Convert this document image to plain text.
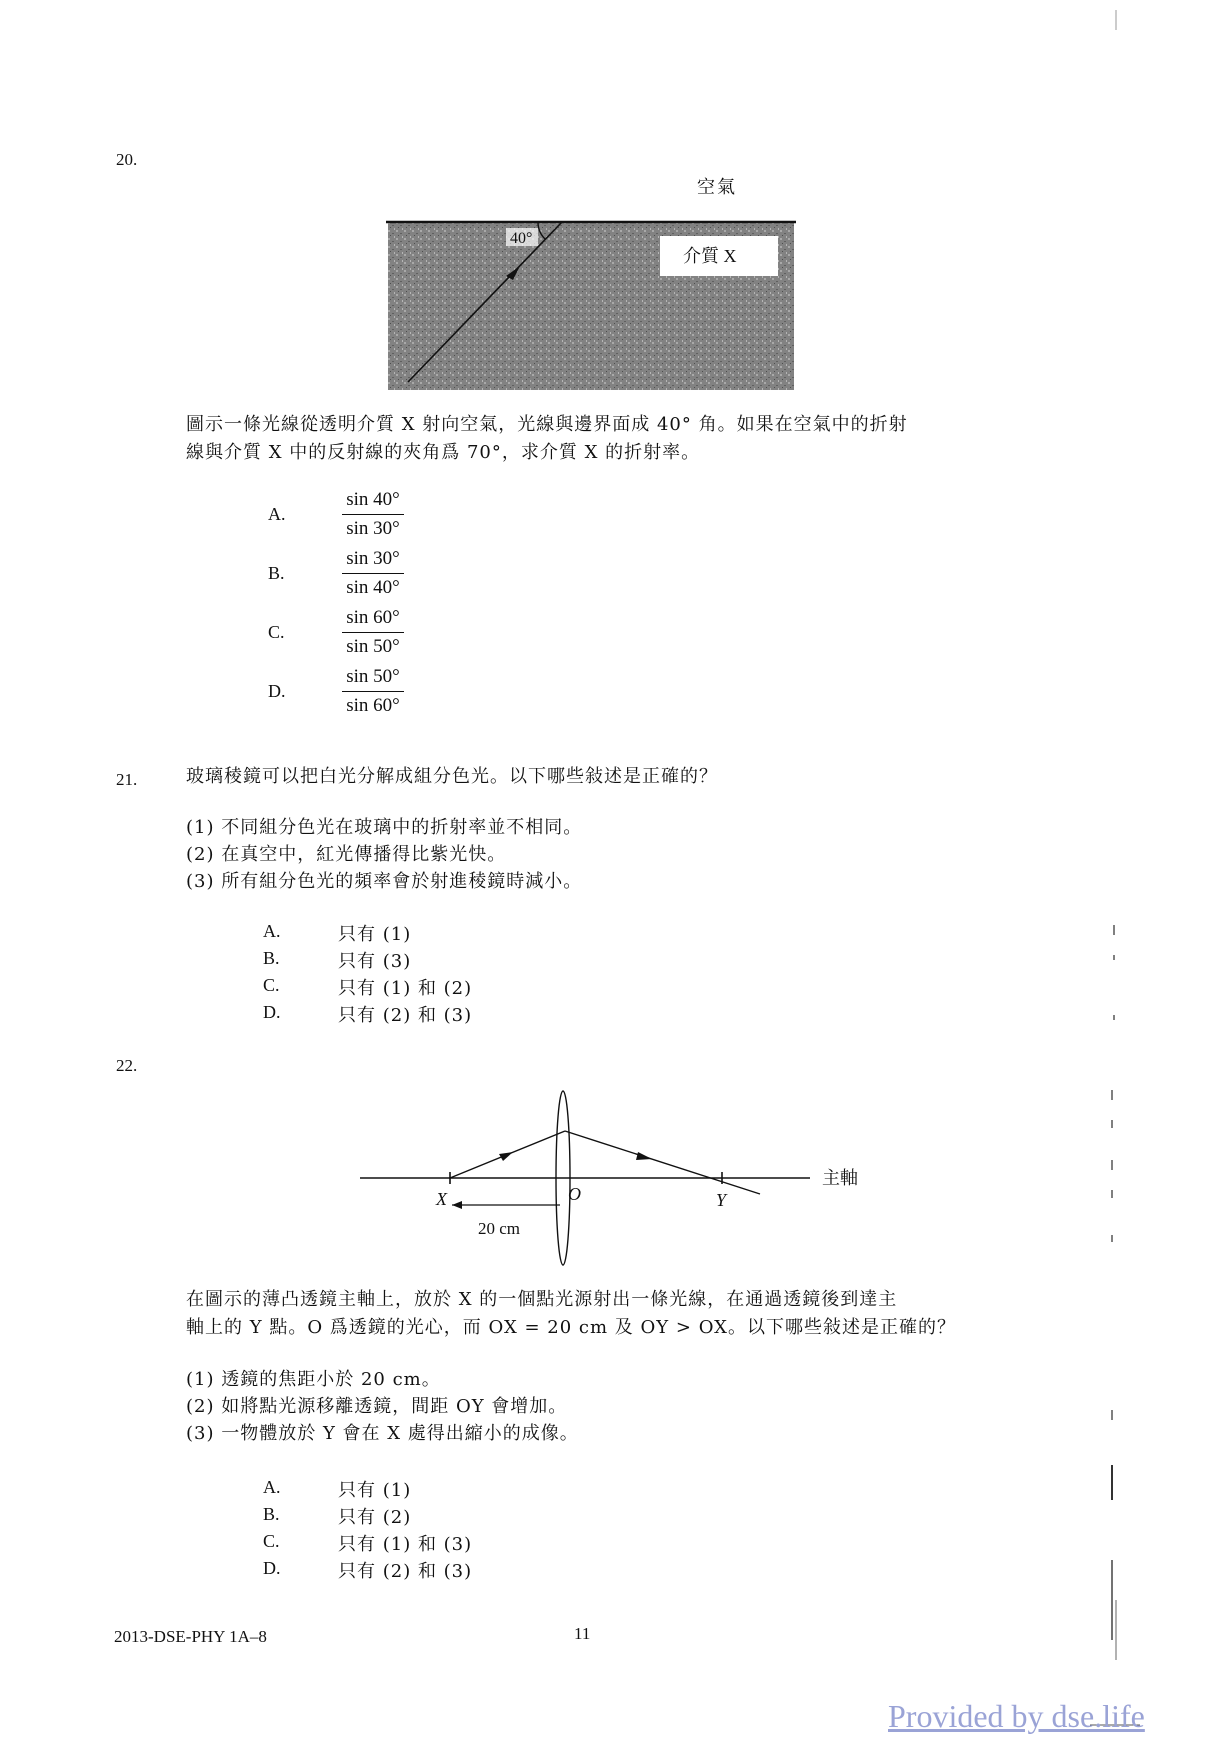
20.
空氣
40°
介質 X
圖示一條光線從透明介質 X 射向空氣，光線與邊界面成 40° 角。如果在空氣中的折射
線與介質 X 中的反射線的夾角爲 70°，求介質 X 的折射率。
A.	$\frac{\sin 40^\circ}{\sin 30^\circ}$
B.	$\frac{\sin 30^\circ}{\sin 40^\circ}$
C.	$\frac{\sin 60^\circ}{\sin 50^\circ}$
D.	$\frac{\sin 50^\circ}{\sin 60^\circ}$
21.	玻璃稜鏡可以把白光分解成組分色光。以下哪些敍述是正確的？
(1) 不同組分色光在玻璃中的折射率並不相同。
(2) 在真空中，紅光傳播得比紫光快。
(3) 所有組分色光的頻率會於射進稜鏡時減小。
A.	只有 (1)
B.	只有 (3)
C.	只有 (1) 和 (2)
D.	只有 (2) 和 (3)
22.
X	O	Y
20 cm
主軸
在圖示的薄凸透鏡主軸上，放於 X 的一個點光源射出一條光線，在通過透鏡後到達主
軸上的 Y 點。O 爲透鏡的光心，而 OX = 20 cm 及 OY > OX。以下哪些敍述是正確的？
(1) 透鏡的焦距小於 20 cm。
(2) 如將點光源移離透鏡，間距 OY 會增加。
(3) 一物體放於 Y 會在 X 處得出縮小的成像。
A.	只有 (1)
B.	只有 (2)
C.	只有 (1) 和 (3)
D.	只有 (2) 和 (3)
2013-DSE-PHY 1A–8	11
Provided by dse.life
